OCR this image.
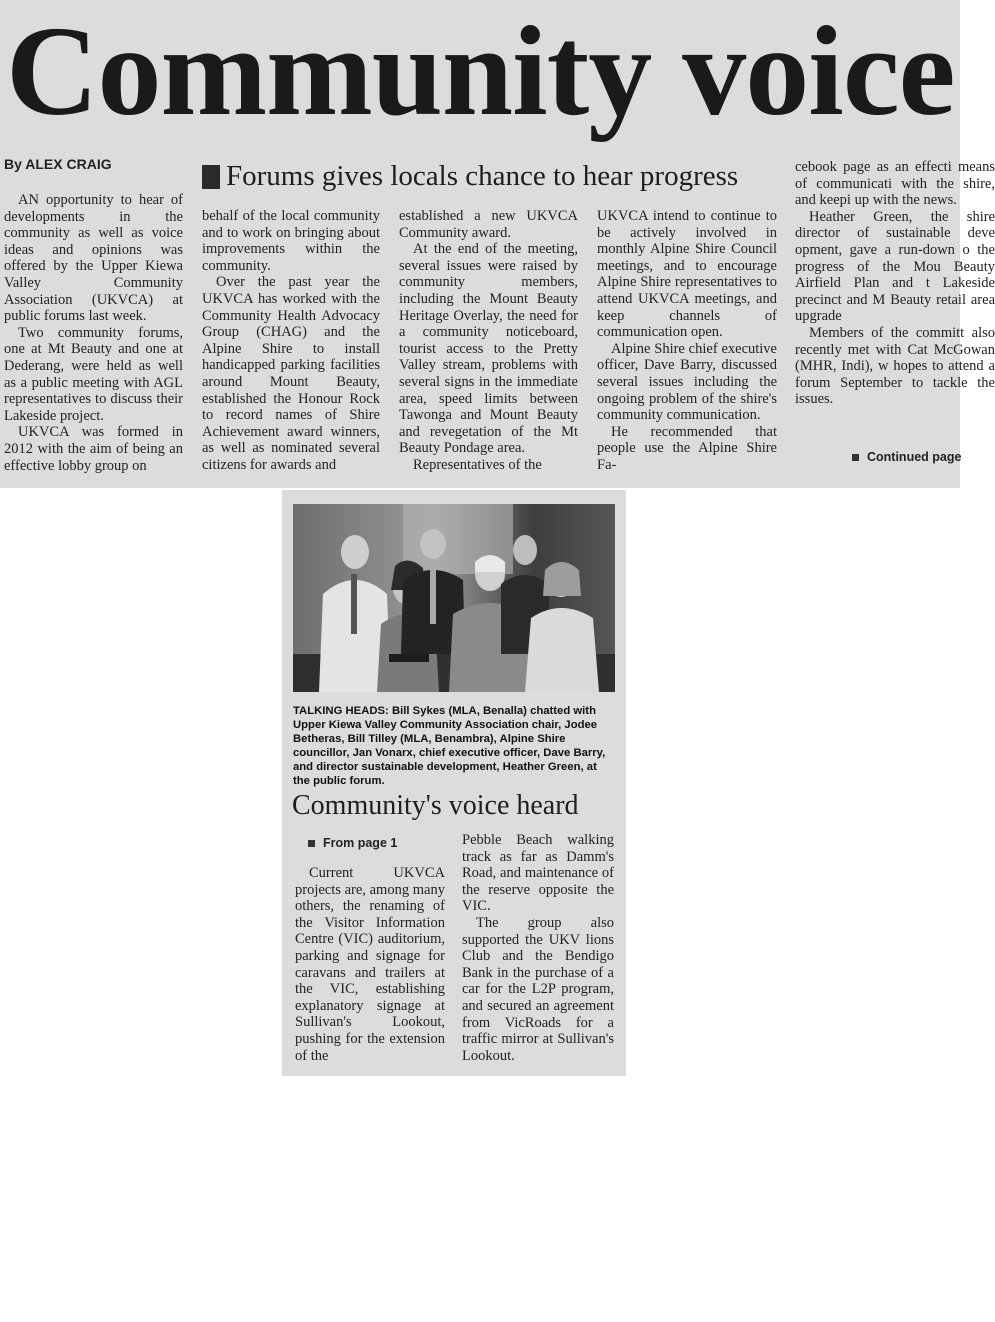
Community voice
By ALEX CRAIG	Forums gives locals chance to hear progress

AN opportunity to hear of developments in the community as well as voice ideas and opinions was offered by the Upper Kiewa Valley Community Association (UKVCA) at public forums last week.

Two community forums, one at Mt Beauty and one at Dederang, were held as well as a public meeting with AGL representatives to discuss their Lakeside project.

UKVCA was formed in 2012 with the aim of being an effective lobby group on

behalf of the local community and to work on bringing about improvements within the community.

Over the past year the UKVCA has worked with the Community Health Advocacy Group (CHAG) and the Alpine Shire to install handicapped parking facilities around Mount Beauty, established the Honour Rock to record names of Shire Achievement award winners, as well as nominated several citizens for awards and

established a new UKVCA Community award.

At the end of the meeting, several issues were raised by community members, including the Mount Beauty Heritage Overlay, the need for a community noticeboard, tourist access to the Pretty Valley stream, problems with several signs in the immediate area, speed limits between Tawonga and Mount Beauty and revegetation of the Mt Beauty Pondage area.

Representatives of the

UKVCA intend to continue to be actively involved in monthly Alpine Shire Council meetings, and to encourage Alpine Shire representatives to attend UKVCA meetings, and keep channels of communication open.

Alpine Shire chief executive officer, Dave Barry, discussed several issues including the ongoing problem of the shire's community communication.

He recommended that people use the Alpine Shire Fa-

cebook page as an effecti means of communicati with the shire, and keepi up with the news.

Heather Green, the shire director of sustainable deve opment, gave a run-down o the progress of the Mou Beauty Airfield Plan and t Lakeside precinct and M Beauty retail area upgrade

Members of the committ also recently met with Cat McGowan (MHR, Indi), w hopes to attend a forum September to tackle the issues.

Continued page
TALKING HEADS: Bill Sykes (MLA, Benalla) chatted with Upper Kiewa Valley Community Association chair, Jodee Betheras, Bill Tilley (MLA, Benambra), Alpine Shire councillor, Jan Vonarx, chief executive officer, Dave Barry, and director sustainable development, Heather Green, at the public forum.
Community's voice heard
From page 1

Current UKVCA projects are, among many others, the renaming of the Visitor Information Centre (VIC) auditorium, parking and signage for caravans and trailers at the VIC, establishing explanatory signage at Sullivan's Lookout, pushing for the extension of the

Pebble Beach walking track as far as Damm's Road, and maintenance of the reserve opposite the VIC.

The group also supported the UKV lions Club and the Bendigo Bank in the purchase of a car for the L2P program, and secured an agreement from VicRoads for a traffic mirror at Sullivan's Lookout.
